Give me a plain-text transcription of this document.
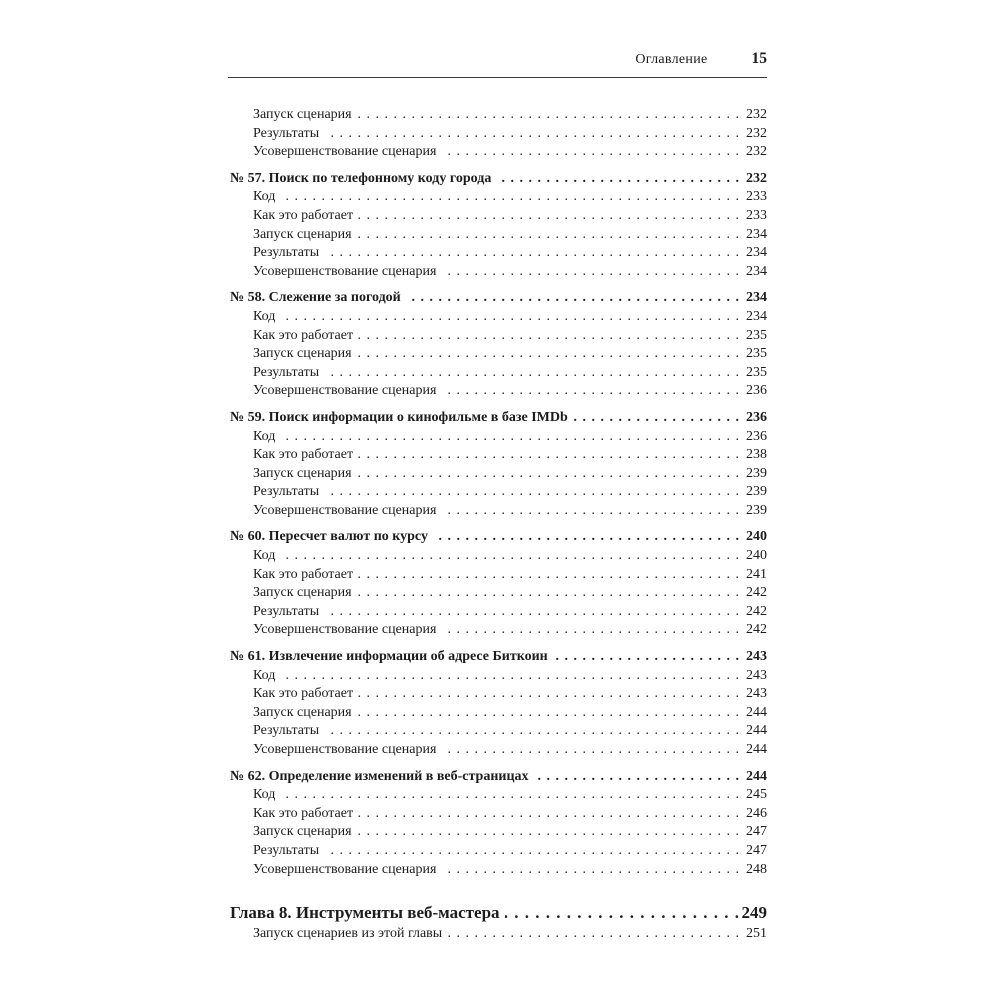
Оглавление	15
Запуск сценария . . .	232
Результаты . . .	232
Усовершенствование сценария . . .	232
№ 57. Поиск по телефонному коду города . . .	232
Код . . .	233
Как это работает . . .	233
Запуск сценария . . .	234
Результаты . . .	234
Усовершенствование сценария . . .	234
№ 58. Слежение за погодой . . .	234
Код . . .	234
Как это работает . . .	235
Запуск сценария . . .	235
Результаты . . .	235
Усовершенствование сценария . . .	236
№ 59. Поиск информации о кинофильме в базе IMDb . . .	236
Код . . .	236
Как это работает . . .	238
Запуск сценария . . .	239
Результаты . . .	239
Усовершенствование сценария . . .	239
№ 60. Пересчет валют по курсу . . .	240
Код . . .	240
Как это работает . . .	241
Запуск сценария . . .	242
Результаты . . .	242
Усовершенствование сценария . . .	242
№ 61. Извлечение информации об адресе Биткоин . . .	243
Код . . .	243
Как это работает . . .	243
Запуск сценария . . .	244
Результаты . . .	244
Усовершенствование сценария . . .	244
№ 62. Определение изменений в веб-страницах . . .	244
Код . . .	245
Как это работает . . .	246
Запуск сценария . . .	247
Результаты . . .	247
Усовершенствование сценария . . .	248
Глава 8. Инструменты веб-мастера . . .	249
Запуск сценариев из этой главы . . .	251
